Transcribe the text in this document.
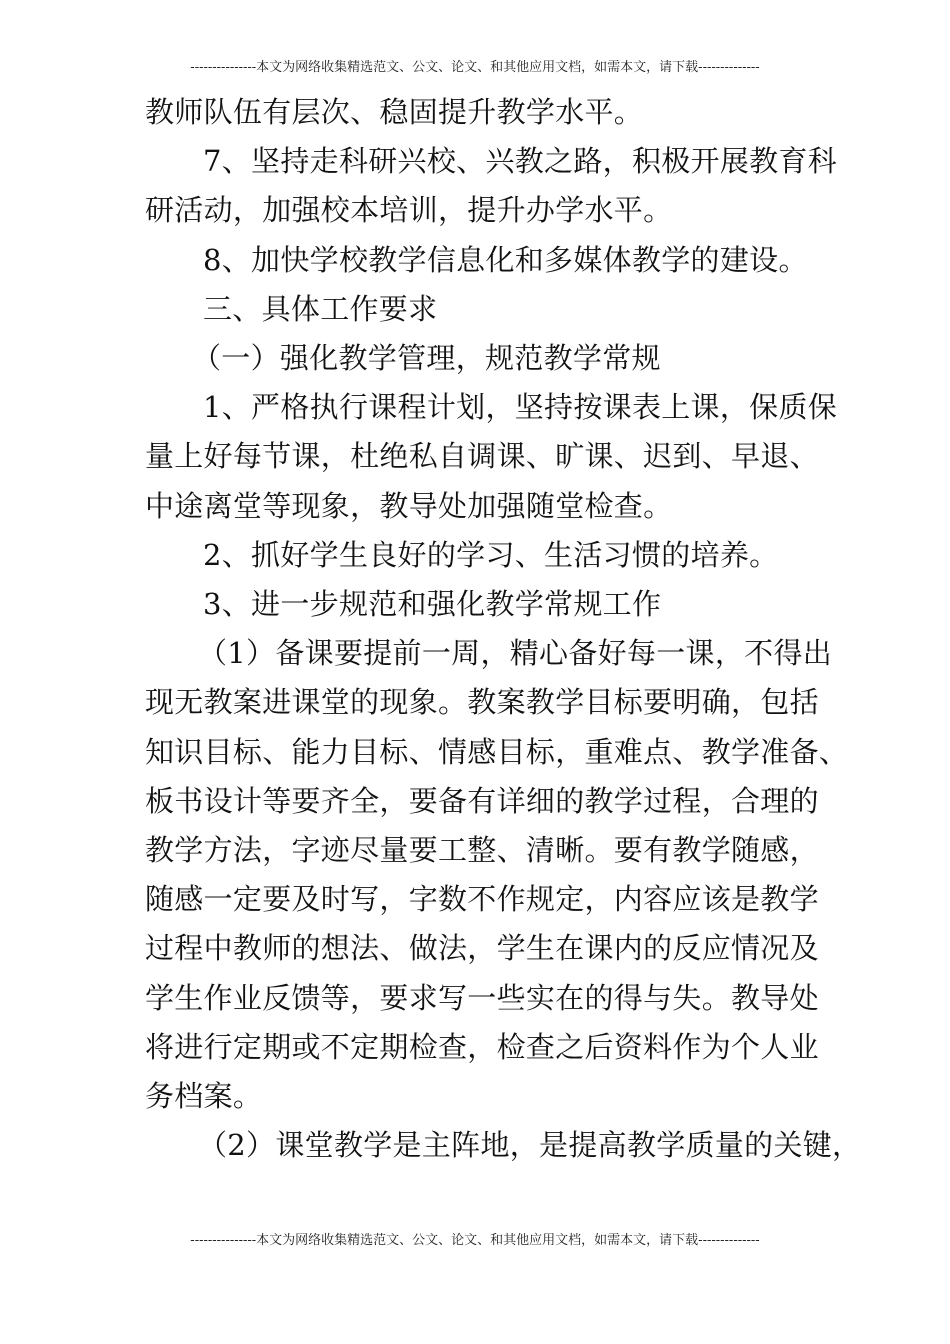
---------------本文为网络收集精选范文、公文、论文、和其他应用文档，如需本文，请下载--------------

教师队伍有层次、稳固提升教学水平。

7、坚持走科研兴校、兴教之路，积极开展教育科

研活动，加强校本培训，提升办学水平。

8、加快学校教学信息化和多媒体教学的建设。

三、具体工作要求

（一）强化教学管理，规范教学常规

1、严格执行课程计划，坚持按课表上课，保质保

量上好每节课，杜绝私自调课、旷课、迟到、早退、

中途离堂等现象，教导处加强随堂检查。

2、抓好学生良好的学习、生活习惯的培养。

3、进一步规范和强化教学常规工作

（1）备课要提前一周，精心备好每一课，不得出

现无教案进课堂的现象。教案教学目标要明确，包括

知识目标、能力目标、情感目标，重难点、教学准备、

板书设计等要齐全，要备有详细的教学过程，合理的

教学方法，字迹尽量要工整、清晰。要有教学随感，

随感一定要及时写，字数不作规定，内容应该是教学

过程中教师的想法、做法，学生在课内的反应情况及

学生作业反馈等，要求写一些实在的得与失。教导处

将进行定期或不定期检查，检查之后资料作为个人业

务档案。

（2）课堂教学是主阵地，是提高教学质量的关键，

---------------本文为网络收集精选范文、公文、论文、和其他应用文档，如需本文，请下载--------------
